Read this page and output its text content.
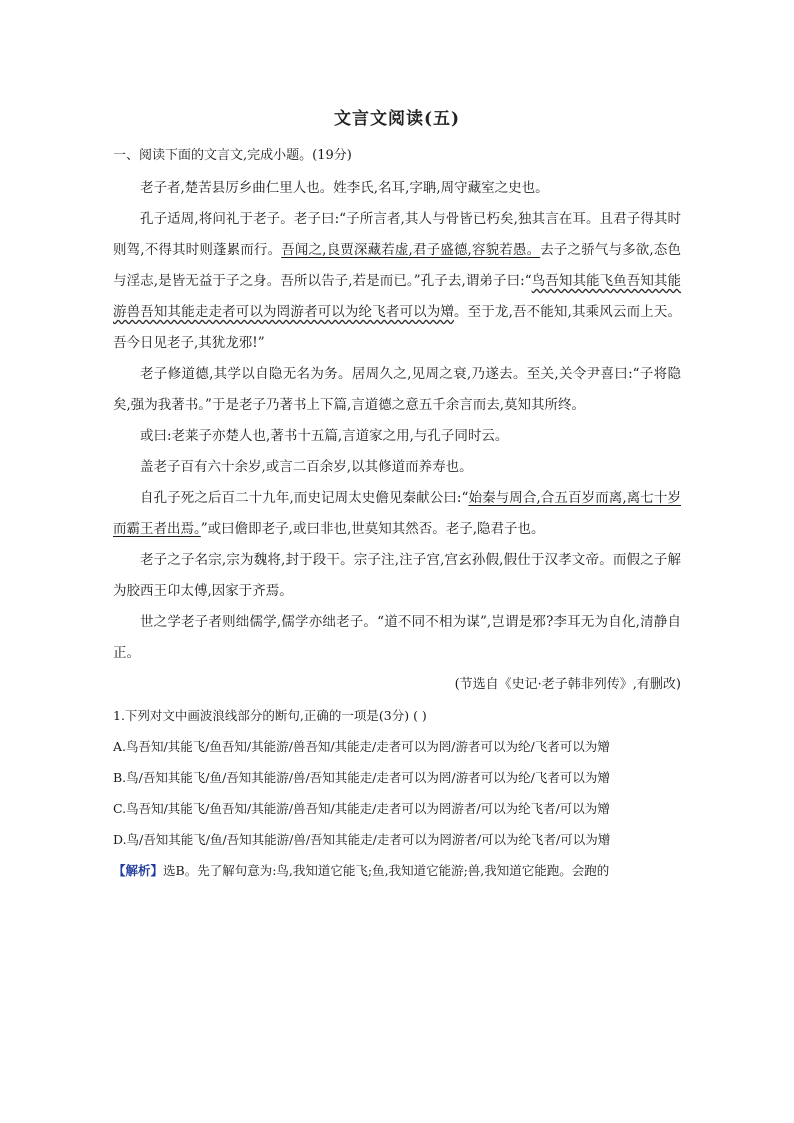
文言文阅读(五)
一、阅读下面的文言文,完成小题。(19分)

老子者,楚苦县厉乡曲仁里人也。姓李氏,名耳,字聃,周守藏室之史也。

孔子适周,将问礼于老子。老子曰:“子所言者,其人与骨皆已朽矣,独其言在耳。且君子得其时则驾,不得其时则蓬累而行。吾闻之,良贾深藏若虚,君子盛德,容貌若愚。去子之骄气与多欲,态色与淫志,是皆无益于子之身。吾所以告子,若是而已。”孔子去,谓弟子曰:“鸟吾知其能飞鱼吾知其能游兽吾知其能走走者可以为罔游者可以为纶飞者可以为矰。至于龙,吾不能知,其乘风云而上天。吾今日见老子,其犹龙邪!”

老子修道德,其学以自隐无名为务。居周久之,见周之衰,乃遂去。至关,关令尹喜曰:“子将隐矣,强为我著书。”于是老子乃著书上下篇,言道德之意五千余言而去,莫知其所终。

或曰:老莱子亦楚人也,著书十五篇,言道家之用,与孔子同时云。

盖老子百有六十余岁,或言二百余岁,以其修道而养寿也。

自孔子死之后百二十九年,而史记周太史儋见秦献公曰:“始秦与周合,合五百岁而离,离七十岁而霸王者出焉。”或曰儋即老子,或曰非也,世莫知其然否。老子,隐君子也。

老子之子名宗,宗为魏将,封于段干。宗子注,注子宫,宫玄孙假,假仕于汉孝文帝。而假之子解为胶西王卬太傅,因家于齐焉。

世之学老子者则绌儒学,儒学亦绌老子。“道不同不相为谋”,岂谓是邪?李耳无为自化,清静自正。

(节选自《史记·老子韩非列传》,有删改)

1.下列对文中画波浪线部分的断句,正确的一项是(3分) ( )

A.鸟吾知/其能飞/鱼吾知/其能游/兽吾知/其能走/走者可以为罔/游者可以为纶/飞者可以为矰

B.鸟/吾知其能飞/鱼/吾知其能游/兽/吾知其能走/走者可以为罔/游者可以为纶/飞者可以为矰

C.鸟吾知/其能飞/鱼吾知/其能游/兽吾知/其能走/走者可以为罔游者/可以为纶飞者/可以为矰

D.鸟/吾知其能飞/鱼/吾知其能游/兽/吾知其能走/走者可以为罔游者/可以为纶飞者/可以为矰

【解析】选B。先了解句意为:鸟,我知道它能飞;鱼,我知道它能游;兽,我知道它能跑。会跑的
